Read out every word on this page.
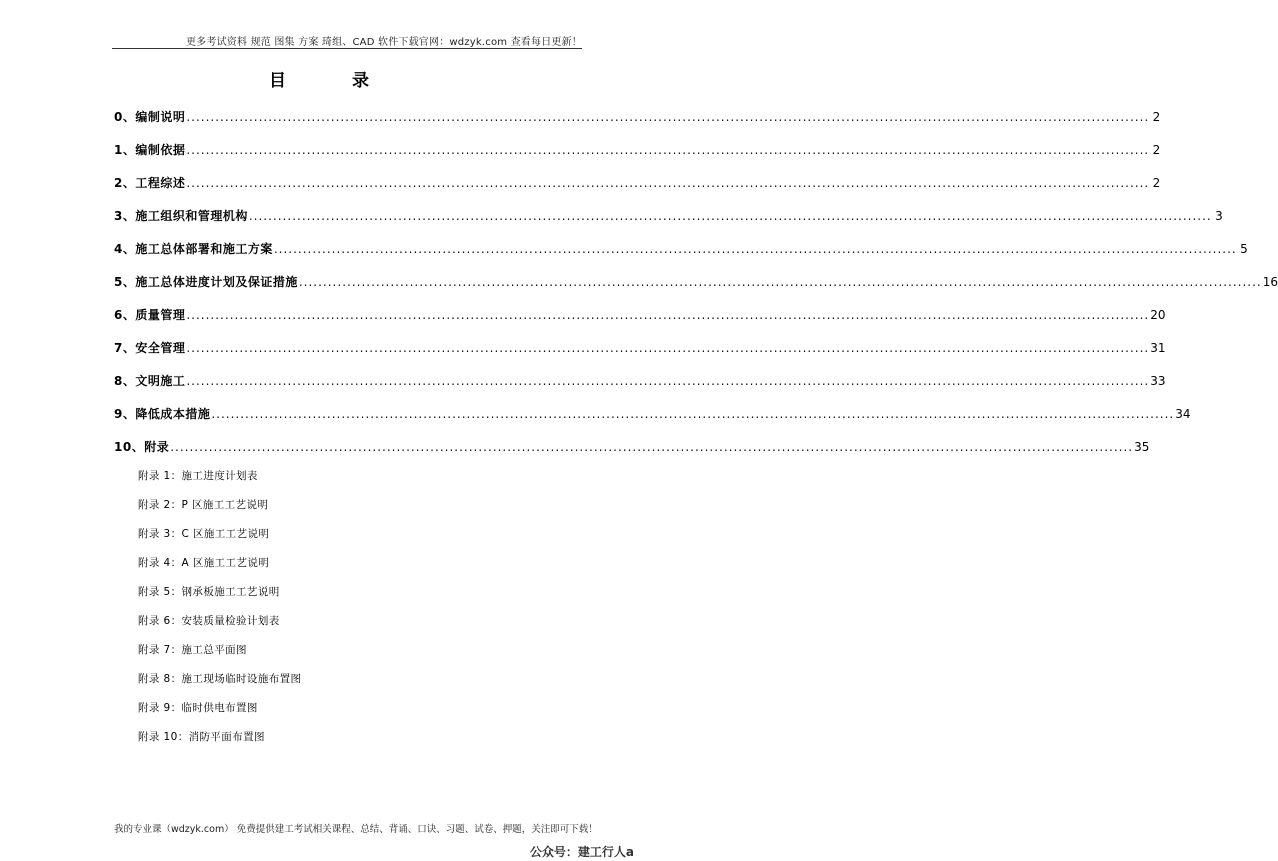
更多考试资料 规范 图集 方案 琦组、CAD 软件下载官网：wdzyk.com 查看每日更新！
目 录
0、编制说明 ........................................................................................................................................................................................................ 2
1、编制依据 ........................................................................................................................................................................................................ 2
2、工程综述 ........................................................................................................................................................................................................ 2
3、施工组织和管理机构 ........................................................................................................................................................................................................ 3
4、施工总体部署和施工方案 ........................................................................................................................................................................................................ 5
5、施工总体进度计划及保证措施 ........................................................................................................................................................................................................ 16
6、质量管理 ........................................................................................................................................................................................................ 20
7、安全管理 ........................................................................................................................................................................................................ 31
8、文明施工 ........................................................................................................................................................................................................ 33
9、降低成本措施 ........................................................................................................................................................................................................ 34
10、附录 ........................................................................................................................................................................................................ 35
附录 1：施工进度计划表
附录 2：P 区施工工艺说明
附录 3：C 区施工工艺说明
附录 4：A 区施工工艺说明
附录 5：钢承板施工工艺说明
附录 6：安装质量检验计划表
附录 7：施工总平面图
附录 8：施工现场临时设施布置图
附录 9：临时供电布置图
附录 10：消防平面布置图
我的专业课（wdzyk.com） 免费提供建工考试相关课程、总结、背诵、口诀、习题、试卷、押题，关注即可下载！
公众号：建工行人a
